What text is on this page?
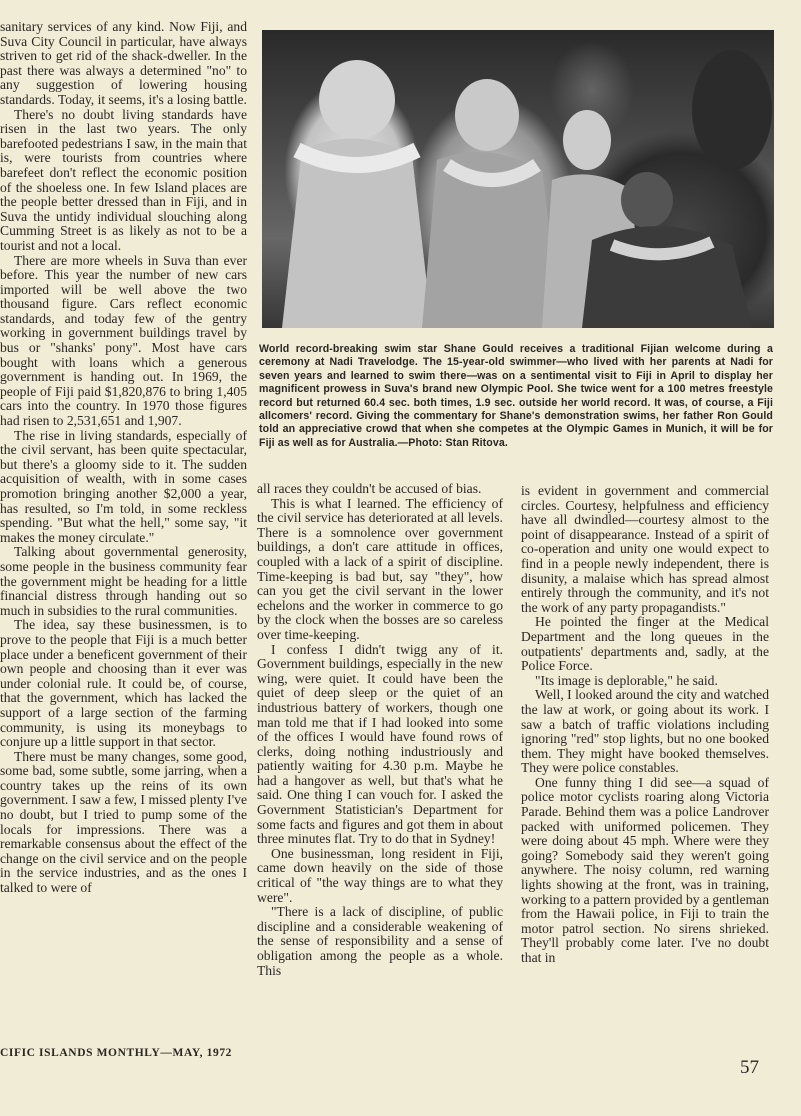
sanitary services of any kind. Now Fiji, and Suva City Council in particular, have always striven to get rid of the shack-dweller. In the past there was always a determined "no" to any suggestion of lowering housing standards. Today, it seems, it's a losing battle.

There's no doubt living standards have risen in the last two years. The only barefooted pedestrians I saw, in the main that is, were tourists from countries where barefeet don't reflect the economic position of the shoeless one. In few Island places are the people better dressed than in Fiji, and in Suva the untidy individual slouching along Cumming Street is as likely as not to be a tourist and not a local.

There are more wheels in Suva than ever before. This year the number of new cars imported will be well above the two thousand figure. Cars reflect economic standards, and today few of the gentry working in government buildings travel by bus or "shanks' pony". Most have cars bought with loans which a generous government is handing out. In 1969, the people of Fiji paid $1,820,876 to bring 1,405 cars into the country. In 1970 those figures had risen to 2,531,651 and 1,907.

The rise in living standards, especially of the civil servant, has been quite spectacular, but there's a gloomy side to it. The sudden acquisition of wealth, with in some cases promotion bringing another $2,000 a year, has resulted, so I'm told, in some reckless spending. "But what the hell," some say, "it makes the money circulate."

Talking about governmental generosity, some people in the business community fear the government might be heading for a little financial distress through handing out so much in subsidies to the rural communities.

The idea, say these businessmen, is to prove to the people that Fiji is a much better place under a beneficent government of their own people and choosing than it ever was under colonial rule. It could be, of course, that the government, which has lacked the support of a large section of the farming community, is using its moneybags to conjure up a little support in that sector.

There must be many changes, some good, some bad, some subtle, some jarring, when a country takes up the reins of its own government. I saw a few, I missed plenty I've no doubt, but I tried to pump some of the locals for impressions. There was a remarkable consensus about the effect of the change on the civil service and on the people in the service industries, and as the ones I talked to were of

World record-breaking swim star Shane Gould receives a traditional Fijian welcome during a ceremony at Nadi Travelodge. The 15-year-old swimmer—who lived with her parents at Nadi for seven years and learned to swim there—was on a sentimental visit to Fiji in April to display her magnificent prowess in Suva's brand new Olympic Pool. She twice went for a 100 metres freestyle record but returned 60.4 sec. both times, 1.9 sec. outside her world record. It was, of course, a Fiji allcomers' record. Giving the commentary for Shane's demonstration swims, her father Ron Gould told an appreciative crowd that when she competes at the Olympic Games in Munich, it will be for Fiji as well as for Australia.—Photo: Stan Ritova.

all races they couldn't be accused of bias.

This is what I learned. The efficiency of the civil service has deteriorated at all levels. There is a somnolence over government buildings, a don't care attitude in offices, coupled with a lack of a spirit of discipline. Time-keeping is bad but, say "they", how can you get the civil servant in the lower echelons and the worker in commerce to go by the clock when the bosses are so careless over time-keeping.

I confess I didn't twigg any of it. Government buildings, especially in the new wing, were quiet. It could have been the quiet of deep sleep or the quiet of an industrious battery of workers, though one man told me that if I had looked into some of the offices I would have found rows of clerks, doing nothing industriously and patiently waiting for 4.30 p.m. Maybe he had a hangover as well, but that's what he said. One thing I can vouch for. I asked the Government Statistician's Department for some facts and figures and got them in about three minutes flat. Try to do that in Sydney!

One businessman, long resident in Fiji, came down heavily on the side of those critical of "the way things are to what they were".

"There is a lack of discipline, of public discipline and a considerable weakening of the sense of responsibility and a sense of obligation among the people as a whole. This

is evident in government and commercial circles. Courtesy, helpfulness and efficiency have all dwindled—courtesy almost to the point of disappearance. Instead of a spirit of co-operation and unity one would expect to find in a people newly independent, there is disunity, a malaise which has spread almost entirely through the community, and it's not the work of any party propagandists."

He pointed the finger at the Medical Department and the long queues in the outpatients' departments and, sadly, at the Police Force.

"Its image is deplorable," he said.

Well, I looked around the city and watched the law at work, or going about its work. I saw a batch of traffic violations including ignoring "red" stop lights, but no one booked them. They might have booked themselves. They were police constables.

One funny thing I did see—a squad of police motor cyclists roaring along Victoria Parade. Behind them was a police Landrover packed with uniformed policemen. They were doing about 45 mph. Where were they going? Somebody said they weren't going anywhere. The noisy column, red warning lights showing at the front, was in training, working to a pattern provided by a gentleman from the Hawaii police, in Fiji to train the motor patrol section. No sirens shrieked. They'll probably come later. I've no doubt that in

CIFIC ISLANDS MONTHLY—MAY, 1972
57
